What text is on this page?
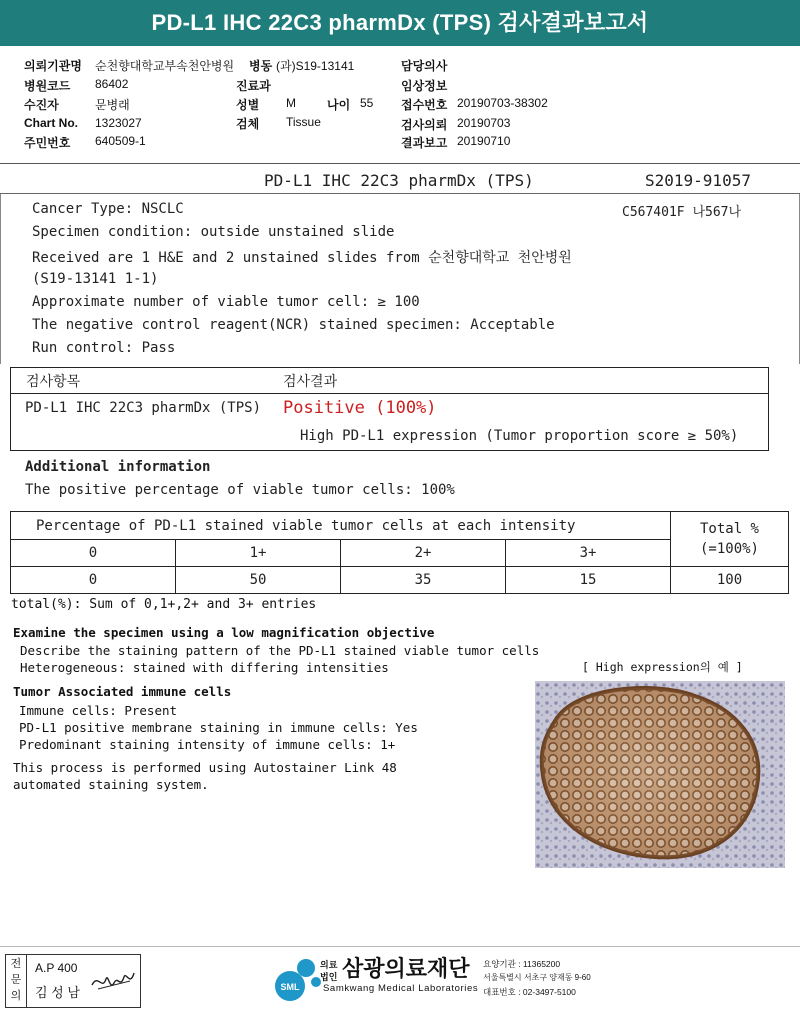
PD-L1 IHC 22C3 pharmDx (TPS) 검사결과보고서
의뢰기관명 순천향대학교부속천안병원 병동 (과)S19-13141	담당의사
병원코드 86402	진료과	임상정보
수진자	문병래	성별 M	나이 55 접수번호 20190703-38302
Chart No. 1323027	검체 Tissue	검사의뢰 20190703
주민번호 640509-1	결과보고 20190710
PD-L1 IHC 22C3 pharmDx (TPS)	S2019-91057
C567401F 나567나
Cancer Type: NSCLC
Specimen condition: outside unstained slide
Received are 1 H&E and 2 unstained slides from 순천향대학교 천안병원
(S19-13141 1-1)
Approximate number of viable tumor cell: ≥ 100
The negative control reagent(NCR) stained specimen: Acceptable
Run control: Pass
검사항목	검사결과
PD-L1 IHC 22C3 pharmDx (TPS) Positive (100%)
High PD-L1 expression (Tumor proportion score ≥ 50%)
Additional information
The positive percentage of viable tumor cells: 100%
Percentage of PD-L1 stained viable tumor cells at each intensity				Total %
(=100%)
0	1+	2+	3+	
0	50	35	15	100
total(%): Sum of 0,1+,2+ and 3+ entries
Examine the specimen using a low magnification objective
Describe the staining pattern of the PD-L1 stained viable tumor cells
Heterogeneous: stained with differing intensities	[ High expression의 예 ]
Tumor Associated immune cells
Immune cells: Present
PD-L1 positive membrane staining in immune cells: Yes
Predominant staining intensity of immune cells: 1+
This process is performed using Autostainer Link 48
automated staining system.
전문의
A.P 400
김 성 남	SML
의료
법인 삼광의료재단
Samkwang Medical Laboratories
요양기관 : 11365200
서울특별시 서초구 양재동 9-60
대표번호 : 02-3497-5100
